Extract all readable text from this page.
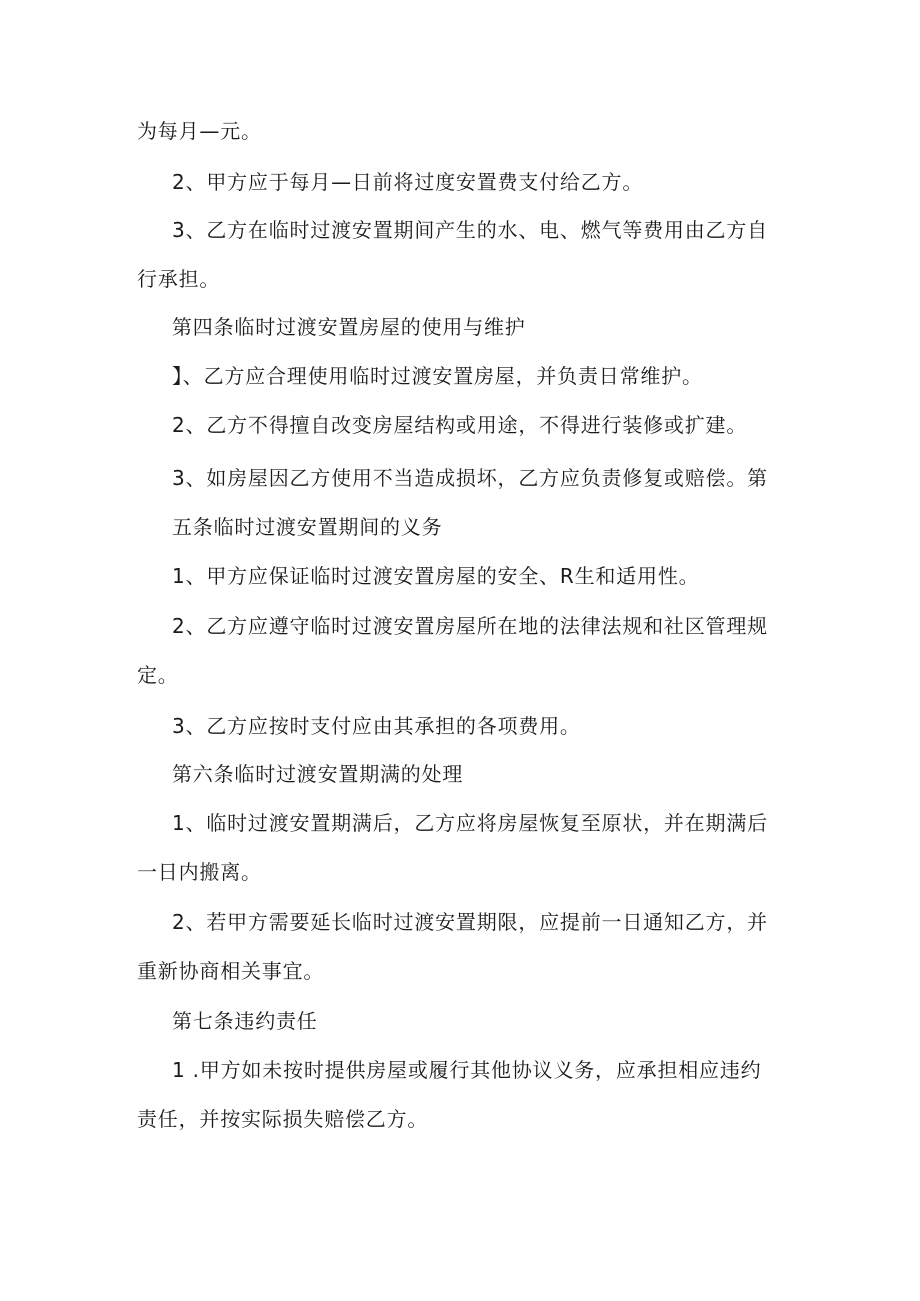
为每月—元。
2、甲方应于每月—日前将过度安置费支付给乙方。
3、乙方在临时过渡安置期间产生的水、电、燃气等费用由乙方自
行承担。
第四条临时过渡安置房屋的使用与维护
】、乙方应合理使用临时过渡安置房屋，并负责日常维护。
2、乙方不得擅自改变房屋结构或用途，不得进行装修或扩建。
3、如房屋因乙方使用不当造成损坏，乙方应负责修复或赔偿。第
五条临时过渡安置期间的义务
1、甲方应保证临时过渡安置房屋的安全、R生和适用性。
2、乙方应遵守临时过渡安置房屋所在地的法律法规和社区管理规
定。
3、乙方应按时支付应由其承担的各项费用。
第六条临时过渡安置期满的处理
1、临时过渡安置期满后，乙方应将房屋恢复至原状，并在期满后
一日内搬离。
2、若甲方需要延长临时过渡安置期限，应提前一日通知乙方，并
重新协商相关事宜。
第七条违约责任
1 .甲方如未按时提供房屋或履行其他协议义务，应承担相应违约
责任，并按实际损失赔偿乙方。
